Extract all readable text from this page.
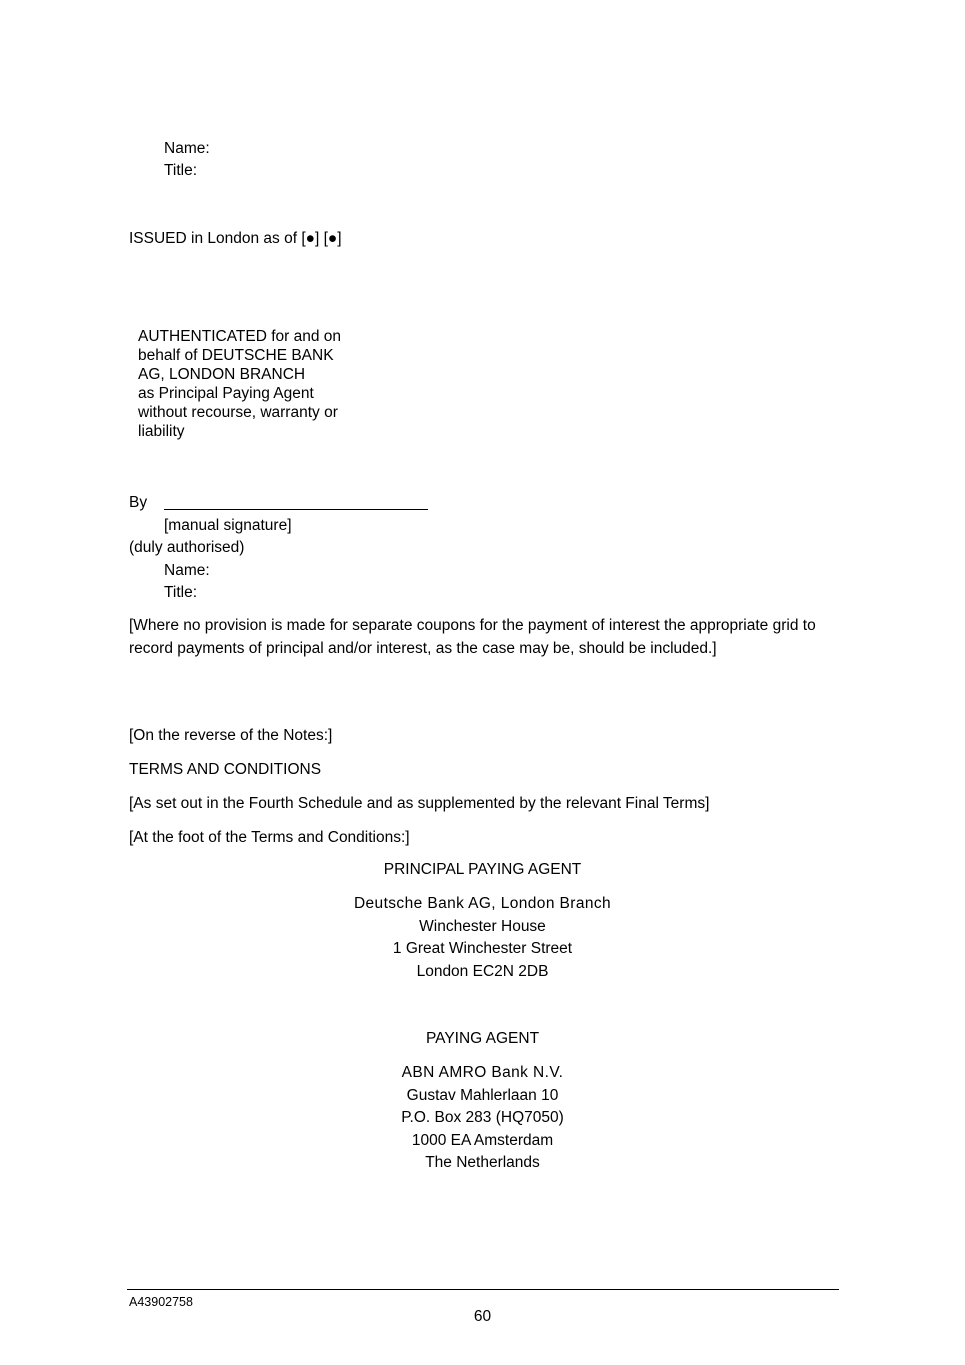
Name:
Title:
ISSUED in London as of [●] [●]
AUTHENTICATED for and on
behalf of DEUTSCHE BANK
AG, LONDON BRANCH
as Principal Paying Agent
without recourse, warranty or
liability
By
[manual signature]
(duly authorised)
Name:
Title:
[Where no provision is made for separate coupons for the payment of interest the appropriate grid to record payments of principal and/or interest, as the case may be, should be included.]
[On the reverse of the Notes:]
TERMS AND CONDITIONS
[As set out in the Fourth Schedule and as supplemented by the relevant Final Terms]
[At the foot of the Terms and Conditions:]
PRINCIPAL PAYING AGENT
Deutsche Bank AG, London Branch
Winchester House
1 Great Winchester Street
London EC2N 2DB
PAYING AGENT
ABN AMRO Bank N.V.
Gustav Mahlerlaan 10
P.O. Box 283 (HQ7050)
1000 EA Amsterdam
The Netherlands
A43902758
60
